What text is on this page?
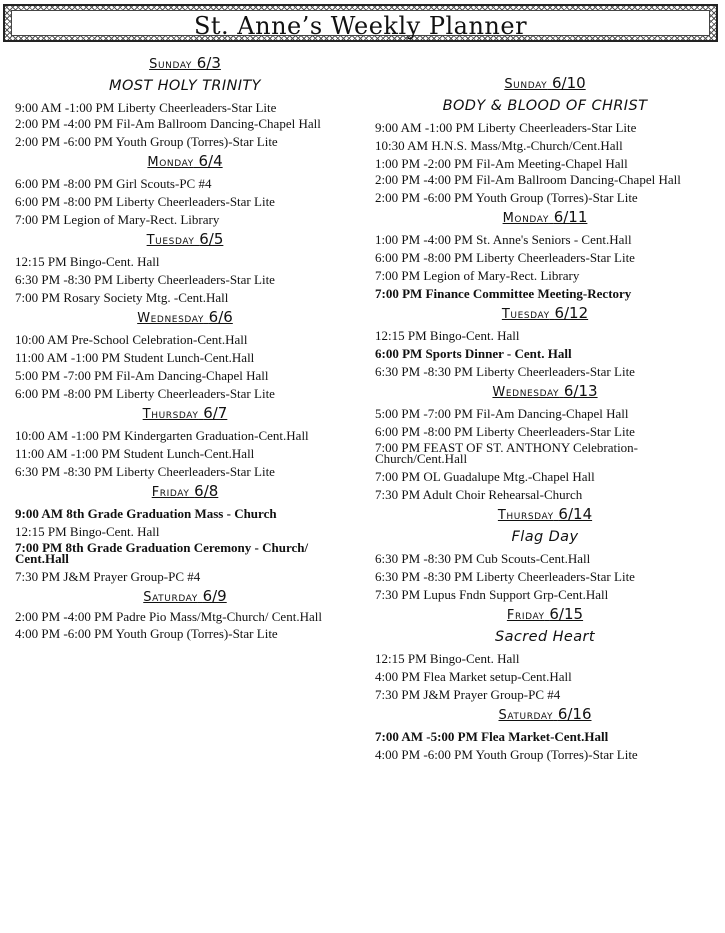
St. Anne’s Weekly Planner
Sunday 6/3
MOST HOLY TRINITY
9:00 AM -1:00 PM Liberty Cheerleaders-Star Lite
2:00 PM -4:00 PM Fil-Am Ballroom Dancing-Chapel Hall
2:00 PM -6:00 PM Youth Group (Torres)-Star Lite
Monday 6/4
6:00 PM -8:00 PM Girl Scouts-PC #4
6:00 PM -8:00 PM Liberty Cheerleaders-Star Lite
7:00 PM Legion of Mary-Rect. Library
Tuesday 6/5
12:15 PM Bingo-Cent. Hall
6:30 PM -8:30 PM Liberty Cheerleaders-Star Lite
7:00 PM Rosary Society Mtg. -Cent.Hall
Wednesday 6/6
10:00 AM Pre-School Celebration-Cent.Hall
11:00 AM -1:00 PM Student Lunch-Cent.Hall
5:00 PM -7:00 PM Fil-Am Dancing-Chapel Hall
6:00 PM -8:00 PM Liberty Cheerleaders-Star Lite
Thursday 6/7
10:00 AM -1:00 PM Kindergarten Graduation-Cent.Hall
11:00 AM -1:00 PM Student Lunch-Cent.Hall
6:30 PM -8:30 PM Liberty Cheerleaders-Star Lite
Friday 6/8
9:00 AM 8th Grade Graduation Mass - Church
12:15 PM Bingo-Cent. Hall
7:00 PM 8th Grade Graduation Ceremony - Church/ Cent.Hall
7:30 PM J&M Prayer Group-PC #4
Saturday 6/9
2:00 PM -4:00 PM Padre Pio Mass/Mtg-Church/ Cent.Hall
4:00 PM -6:00 PM Youth Group (Torres)-Star Lite
Sunday 6/10
BODY & BLOOD OF CHRIST
9:00 AM -1:00 PM Liberty Cheerleaders-Star Lite
10:30 AM H.N.S. Mass/Mtg.-Church/Cent.Hall
1:00 PM -2:00 PM Fil-Am Meeting-Chapel Hall
2:00 PM -4:00 PM Fil-Am Ballroom Dancing-Chapel Hall
2:00 PM -6:00 PM Youth Group (Torres)-Star Lite
Monday 6/11
1:00 PM -4:00 PM St. Anne's Seniors - Cent.Hall
6:00 PM -8:00 PM Liberty Cheerleaders-Star Lite
7:00 PM Legion of Mary-Rect. Library
7:00 PM Finance Committee Meeting-Rectory
Tuesday 6/12
12:15 PM Bingo-Cent. Hall
6:00 PM Sports Dinner - Cent. Hall
6:30 PM -8:30 PM Liberty Cheerleaders-Star Lite
Wednesday 6/13
5:00 PM -7:00 PM Fil-Am Dancing-Chapel Hall
6:00 PM -8:00 PM Liberty Cheerleaders-Star Lite
7:00 PM FEAST OF ST. ANTHONY Celebration-Church/Cent.Hall
7:00 PM OL Guadalupe Mtg.-Chapel Hall
7:30 PM Adult Choir Rehearsal-Church
Thursday 6/14
Flag Day
6:30 PM -8:30 PM Cub Scouts-Cent.Hall
6:30 PM -8:30 PM Liberty Cheerleaders-Star Lite
7:30 PM Lupus Fndn Support Grp-Cent.Hall
Friday 6/15
Sacred Heart
12:15 PM Bingo-Cent. Hall
4:00 PM Flea Market setup-Cent.Hall
7:30 PM J&M Prayer Group-PC #4
Saturday 6/16
7:00 AM -5:00 PM Flea Market-Cent.Hall
4:00 PM -6:00 PM Youth Group (Torres)-Star Lite
